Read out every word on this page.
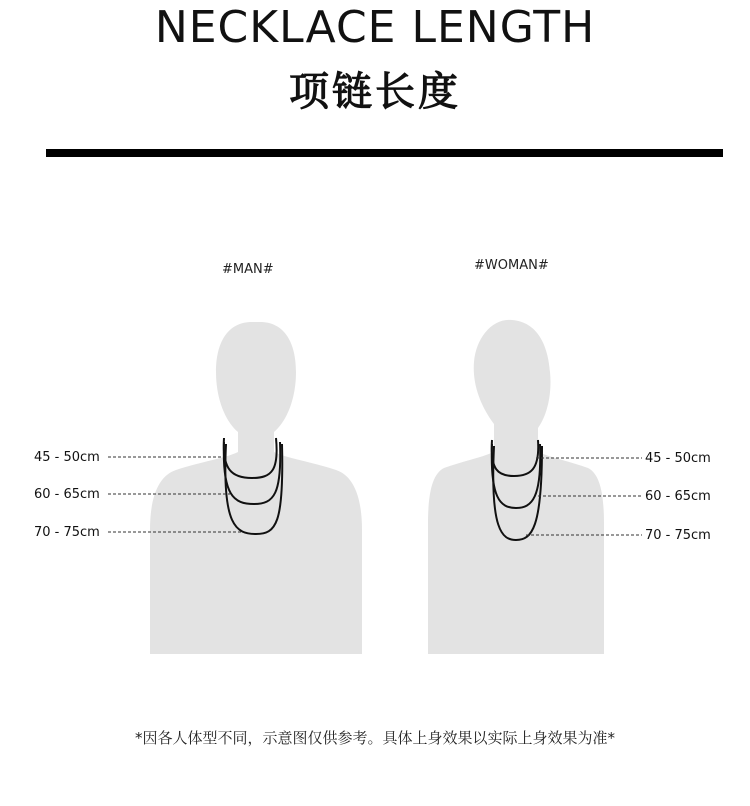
NECKLACE LENGTH
项链长度
#MAN#	#WOMAN#
45 - 50cm
60 - 65cm
70 - 75cm
45 - 50cm
60 - 65cm
70 - 75cm
*因各人体型不同，示意图仅供参考。具体上身效果以实际上身效果为准*
